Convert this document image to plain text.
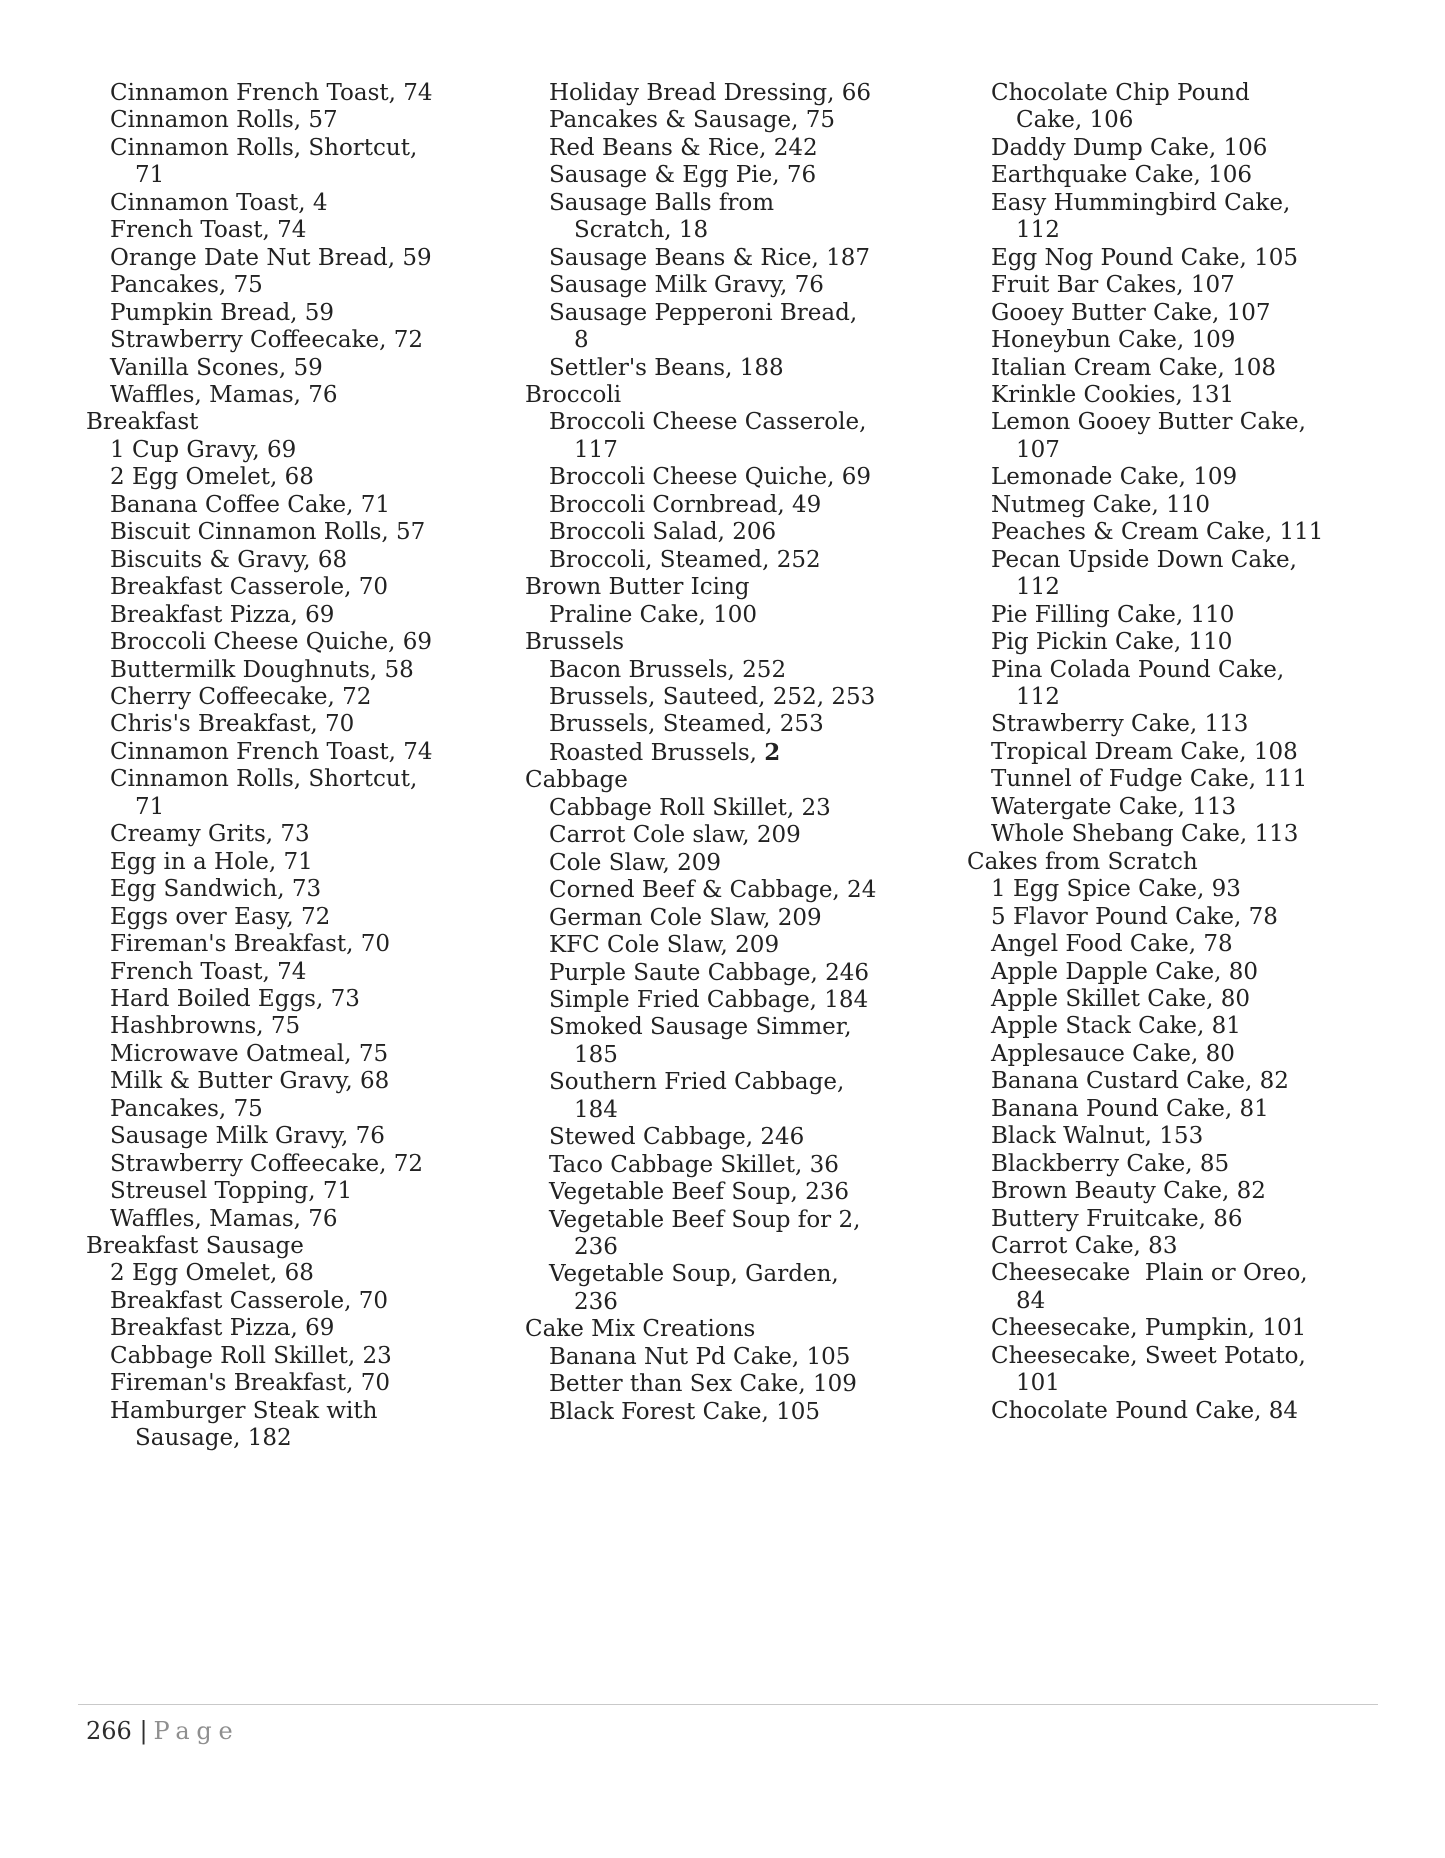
Cinnamon French Toast, 74
Cinnamon Rolls, 57
Cinnamon Rolls, Shortcut,
71
Cinnamon Toast, 4
French Toast, 74
Orange Date Nut Bread, 59
Pancakes, 75
Pumpkin Bread, 59
Strawberry Coffeecake, 72
Vanilla Scones, 59
Waffles, Mamas, 76
Breakfast
1 Cup Gravy, 69
2 Egg Omelet, 68
Banana Coffee Cake, 71
Biscuit Cinnamon Rolls, 57
Biscuits & Gravy, 68
Breakfast Casserole, 70
Breakfast Pizza, 69
Broccoli Cheese Quiche, 69
Buttermilk Doughnuts, 58
Cherry Coffeecake, 72
Chris's Breakfast, 70
Cinnamon French Toast, 74
Cinnamon Rolls, Shortcut,
71
Creamy Grits, 73
Egg in a Hole, 71
Egg Sandwich, 73
Eggs over Easy, 72
Fireman's Breakfast, 70
French Toast, 74
Hard Boiled Eggs, 73
Hashbrowns, 75
Microwave Oatmeal, 75
Milk & Butter Gravy, 68
Pancakes, 75
Sausage Milk Gravy, 76
Strawberry Coffeecake, 72
Streusel Topping, 71
Waffles, Mamas, 76
Breakfast Sausage
2 Egg Omelet, 68
Breakfast Casserole, 70
Breakfast Pizza, 69
Cabbage Roll Skillet, 23
Fireman's Breakfast, 70
Hamburger Steak with
Sausage, 182
Holiday Bread Dressing, 66
Pancakes & Sausage, 75
Red Beans & Rice, 242
Sausage & Egg Pie, 76
Sausage Balls from
Scratch, 18
Sausage Beans & Rice, 187
Sausage Milk Gravy, 76
Sausage Pepperoni Bread,
8
Settler's Beans, 188
Broccoli
Broccoli Cheese Casserole,
117
Broccoli Cheese Quiche, 69
Broccoli Cornbread, 49
Broccoli Salad, 206
Broccoli, Steamed, 252
Brown Butter Icing
Praline Cake, 100
Brussels
Bacon Brussels, 252
Brussels, Sauteed, 252, 253
Brussels, Steamed, 253
Roasted Brussels, 2
Cabbage
Cabbage Roll Skillet, 23
Carrot Cole slaw, 209
Cole Slaw, 209
Corned Beef & Cabbage, 24
German Cole Slaw, 209
KFC Cole Slaw, 209
Purple Saute Cabbage, 246
Simple Fried Cabbage, 184
Smoked Sausage Simmer,
185
Southern Fried Cabbage,
184
Stewed Cabbage, 246
Taco Cabbage Skillet, 36
Vegetable Beef Soup, 236
Vegetable Beef Soup for 2,
236
Vegetable Soup, Garden,
236
Cake Mix Creations
Banana Nut Pd Cake, 105
Better than Sex Cake, 109
Black Forest Cake, 105
Chocolate Chip Pound
Cake, 106
Daddy Dump Cake, 106
Earthquake Cake, 106
Easy Hummingbird Cake,
112
Egg Nog Pound Cake, 105
Fruit Bar Cakes, 107
Gooey Butter Cake, 107
Honeybun Cake, 109
Italian Cream Cake, 108
Krinkle Cookies, 131
Lemon Gooey Butter Cake,
107
Lemonade Cake, 109
Nutmeg Cake, 110
Peaches & Cream Cake, 111
Pecan Upside Down Cake,
112
Pie Filling Cake, 110
Pig Pickin Cake, 110
Pina Colada Pound Cake,
112
Strawberry Cake, 113
Tropical Dream Cake, 108
Tunnel of Fudge Cake, 111
Watergate Cake, 113
Whole Shebang Cake, 113
Cakes from Scratch
1 Egg Spice Cake, 93
5 Flavor Pound Cake, 78
Angel Food Cake, 78
Apple Dapple Cake, 80
Apple Skillet Cake, 80
Apple Stack Cake, 81
Applesauce Cake, 80
Banana Custard Cake, 82
Banana Pound Cake, 81
Black Walnut, 153
Blackberry Cake, 85
Brown Beauty Cake, 82
Buttery Fruitcake, 86
Carrot Cake, 83
Cheesecake  Plain or Oreo,
84
Cheesecake, Pumpkin, 101
Cheesecake, Sweet Potato,
101
Chocolate Pound Cake, 84
266 | Page
